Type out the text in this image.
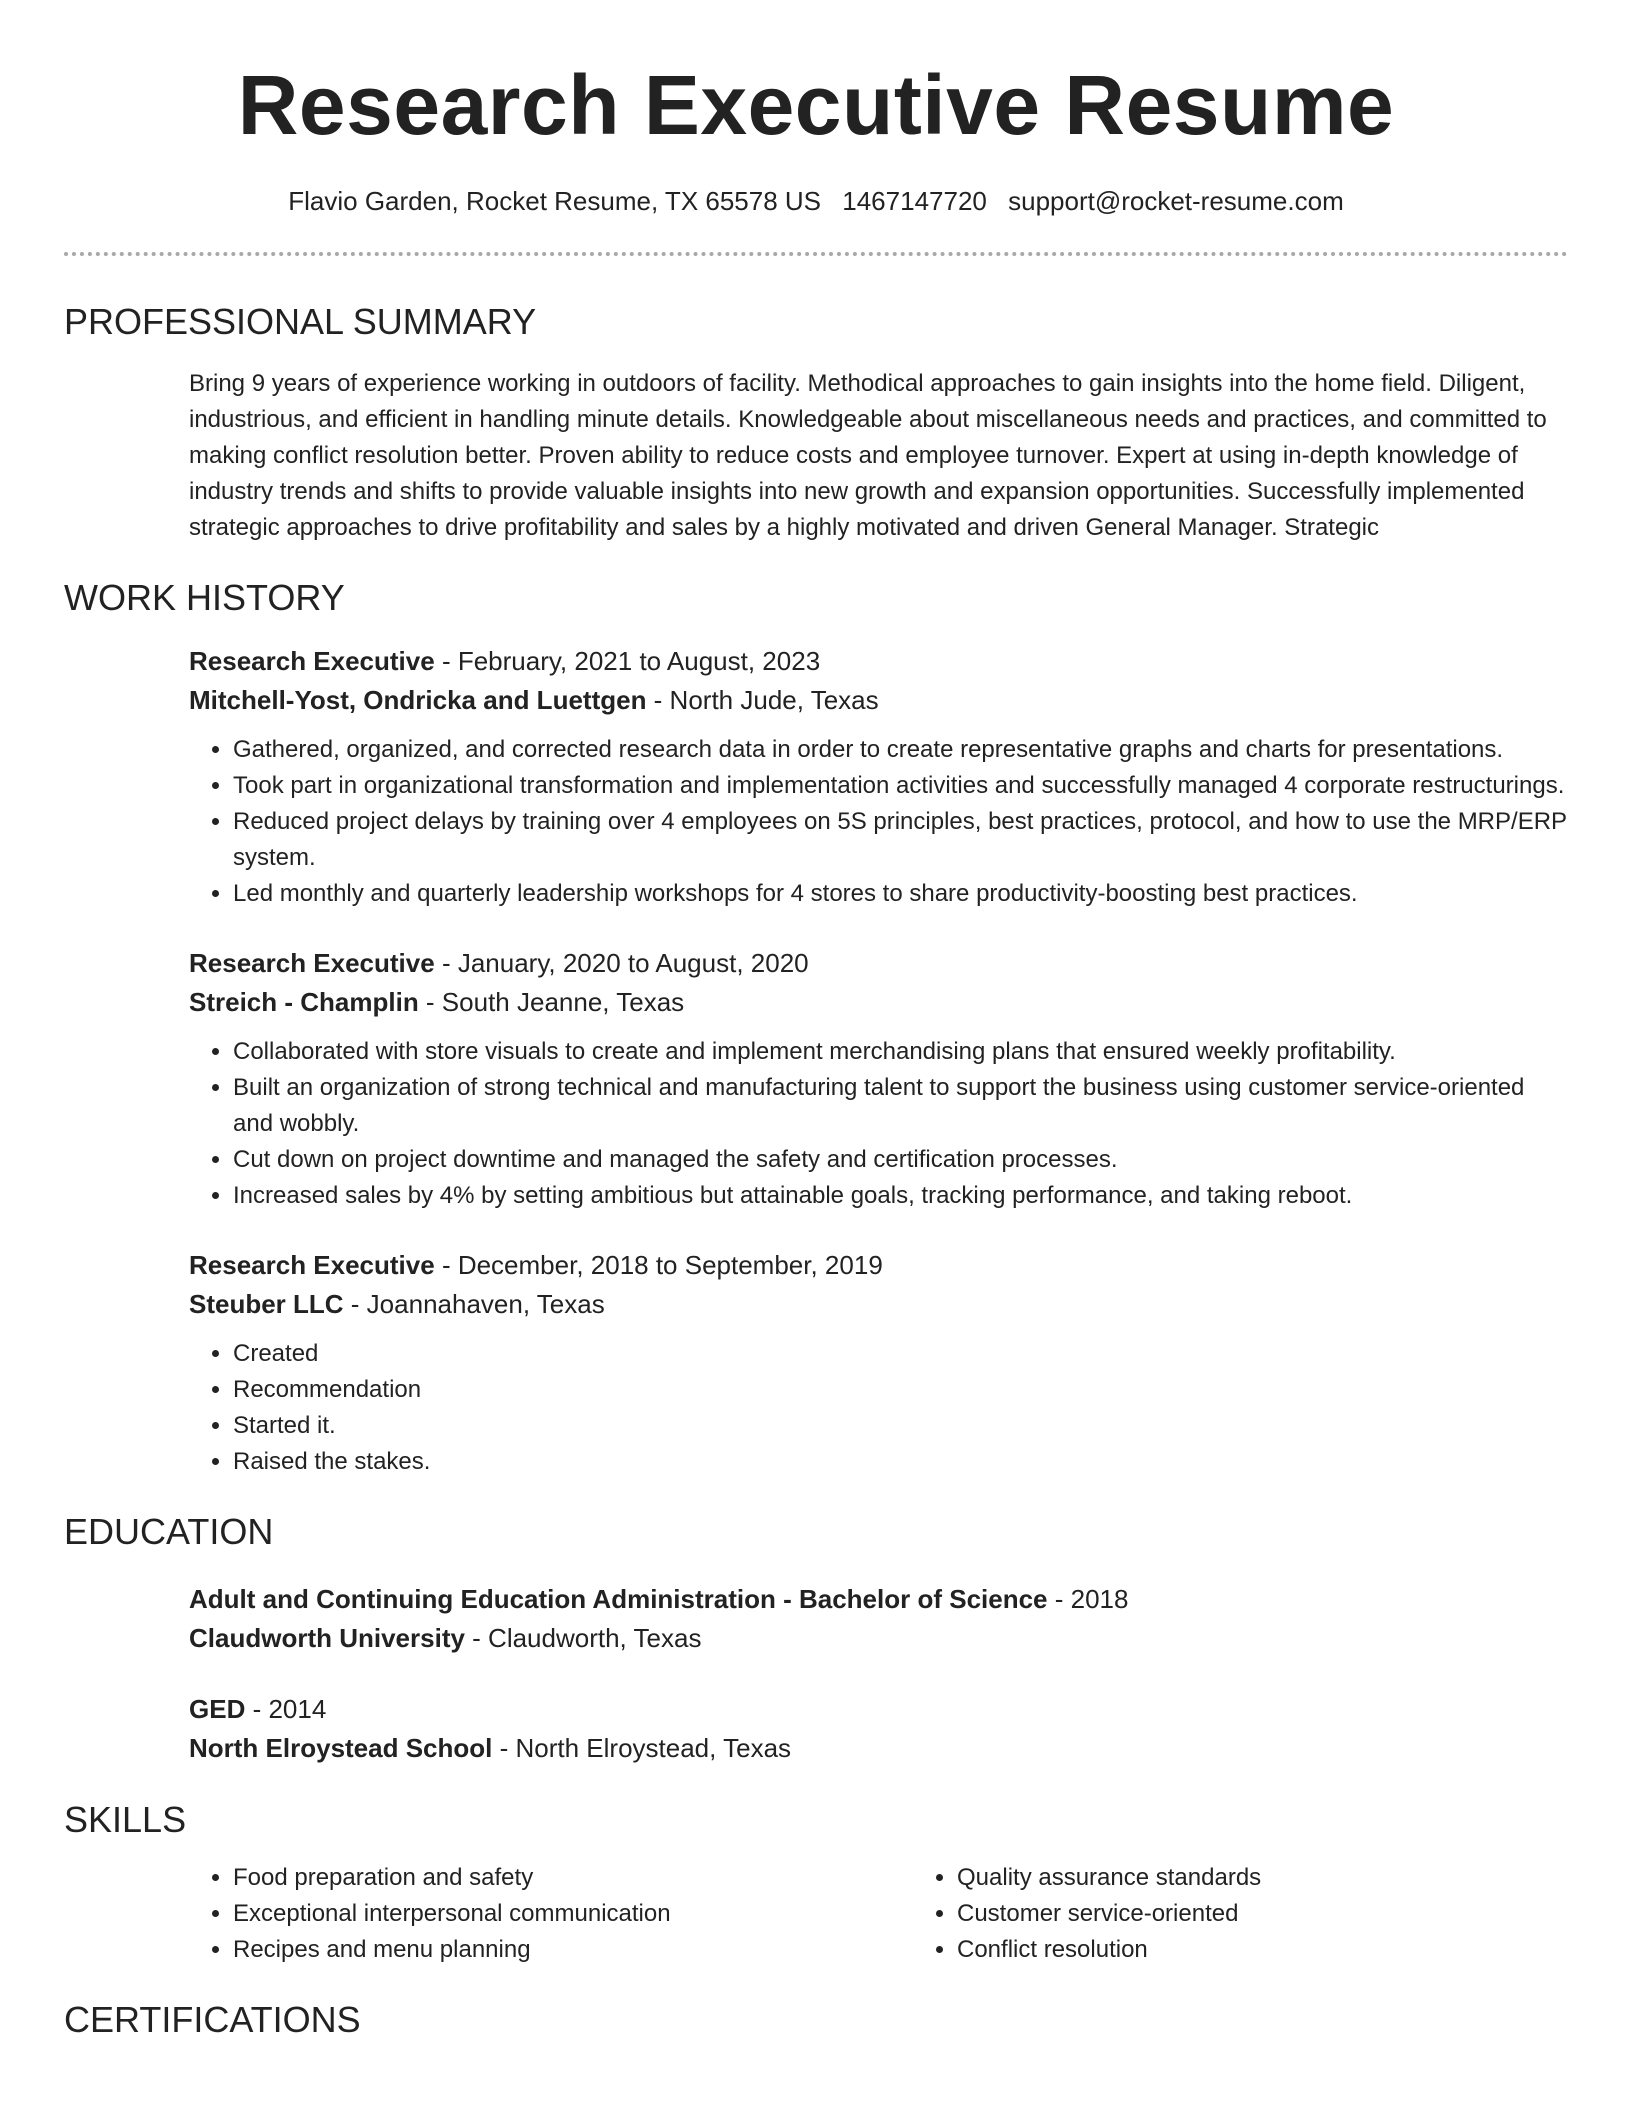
Research Executive Resume
Flavio Garden, Rocket Resume, TX 65578 US 1467147720 support@rocket-resume.com
PROFESSIONAL SUMMARY

Bring 9 years of experience working in outdoors of facility. Methodical approaches to gain insights into the home field. Diligent, industrious, and efficient in handling minute details. Knowledgeable about miscellaneous needs and practices, and committed to making conflict resolution better. Proven ability to reduce costs and employee turnover. Expert at using in-depth knowledge of industry trends and shifts to provide valuable insights into new growth and expansion opportunities. Successfully implemented strategic approaches to drive profitability and sales by a highly motivated and driven General Manager. Strategic

WORK HISTORY
Research Executive - February, 2021 to August, 2023
Mitchell-Yost, Ondricka and Luettgen - North Jude, Texas
• Gathered, organized, and corrected research data in order to create representative graphs and charts for presentations.
• Took part in organizational transformation and implementation activities and successfully managed 4 corporate restructurings.
• Reduced project delays by training over 4 employees on 5S principles, best practices, protocol, and how to use the MRP/ERP system.
• Led monthly and quarterly leadership workshops for 4 stores to share productivity-boosting best practices.
Research Executive - January, 2020 to August, 2020
Streich - Champlin - South Jeanne, Texas
• Collaborated with store visuals to create and implement merchandising plans that ensured weekly profitability.
• Built an organization of strong technical and manufacturing talent to support the business using customer service-oriented and wobbly.
• Cut down on project downtime and managed the safety and certification processes.
• Increased sales by 4% by setting ambitious but attainable goals, tracking performance, and taking reboot.
Research Executive - December, 2018 to September, 2019
Steuber LLC - Joannahaven, Texas
• Created
• Recommendation
• Started it.
• Raised the stakes.
EDUCATION
Adult and Continuing Education Administration - Bachelor of Science - 2018
Claudworth University - Claudworth, Texas
GED - 2014
North Elroystead School - North Elroystead, Texas
SKILLS
• Food preparation and safety
• Exceptional interpersonal communication
• Recipes and menu planning
• Quality assurance standards
• Customer service-oriented
• Conflict resolution
CERTIFICATIONS
